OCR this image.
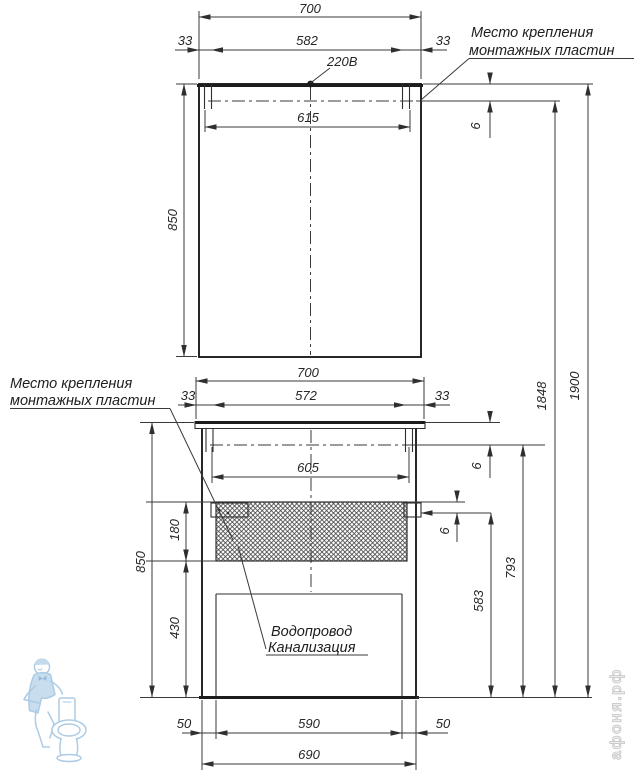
220В
700
33	582	33
615
850
6
1848 1900
Место крепления
монтажных пластин
700
33	572	33
605	6
6
180
430
850
583
793
50	590	50
690
Место крепления
монтажных пластин
Водопровод
Канализация
афоня.рф
